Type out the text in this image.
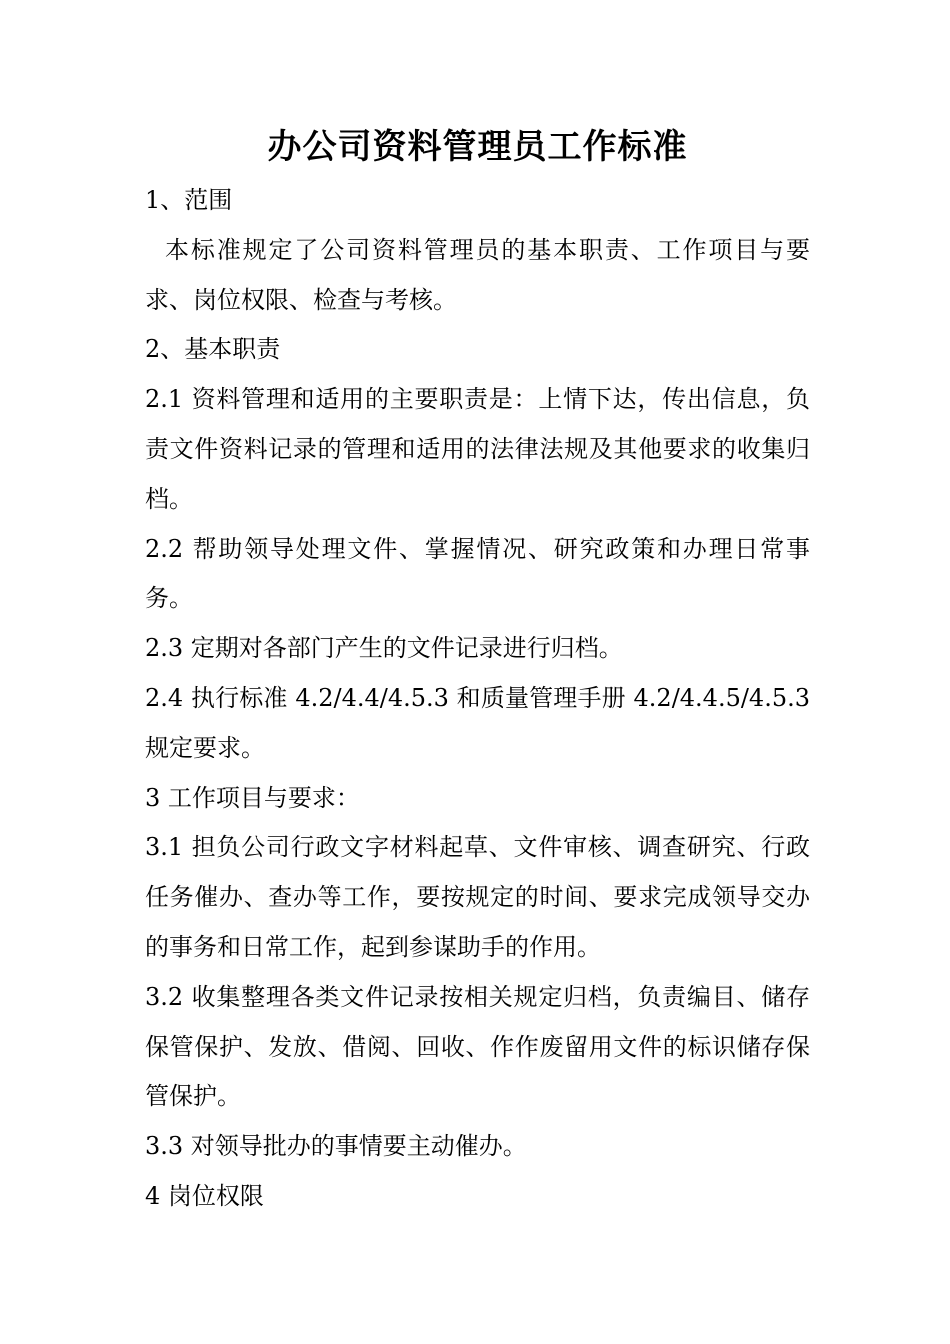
办公司资料管理员工作标准

1、范围

本标准规定了公司资料管理员的基本职责、工作项目与要求、岗位权限、检查与考核。

2、基本职责

2.1 资料管理和适用的主要职责是：上情下达，传出信息，负责文件资料记录的管理和适用的法律法规及其他要求的收集归档。

2.2 帮助领导处理文件、掌握情况、研究政策和办理日常事务。

2.3 定期对各部门产生的文件记录进行归档。

2.4 执行标准 4.2/4.4/4.5.3 和质量管理手册 4.2/4.4.5/4.5.3 规定要求。

3 工作项目与要求：

3.1 担负公司行政文字材料起草、文件审核、调查研究、行政任务催办、查办等工作，要按规定的时间、要求完成领导交办的事务和日常工作，起到参谋助手的作用。

3.2 收集整理各类文件记录按相关规定归档，负责编目、储存保管保护、发放、借阅、回收、作作废留用文件的标识储存保管保护。

3.3 对领导批办的事情要主动催办。

4 岗位权限
